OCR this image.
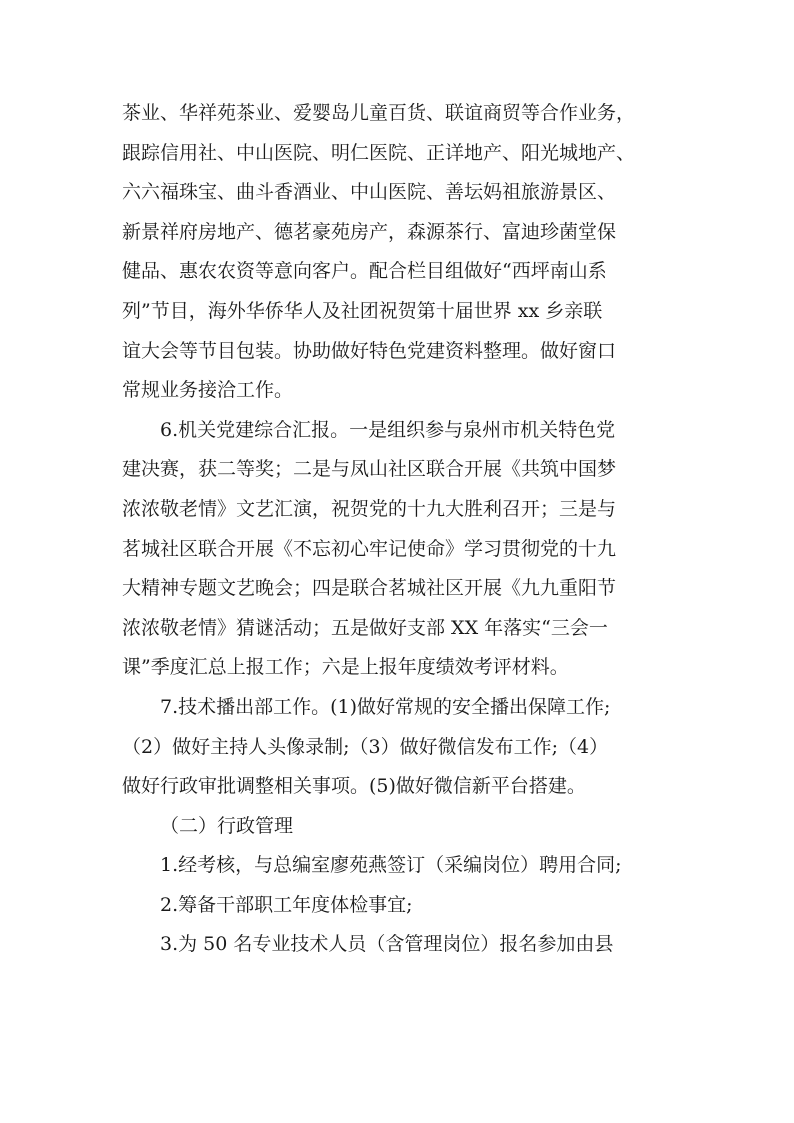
茶业、华祥苑茶业、爱婴岛儿童百货、联谊商贸等合作业务，
跟踪信用社、中山医院、明仁医院、正详地产、阳光城地产、
六六福珠宝、曲斗香酒业、中山医院、善坛妈祖旅游景区、
新景祥府房地产、德茗豪苑房产，森源茶行、富迪珍菌堂保
健品、惠农农资等意向客户。配合栏目组做好“西坪南山系
列”节目，海外华侨华人及社团祝贺第十届世界 xx 乡亲联
谊大会等节目包装。协助做好特色党建资料整理。做好窗口
常规业务接洽工作。
6.机关党建综合汇报。一是组织参与泉州市机关特色党
建决赛，获二等奖；二是与凤山社区联合开展《共筑中国梦
浓浓敬老情》文艺汇演，祝贺党的十九大胜利召开；三是与
茗城社区联合开展《不忘初心牢记使命》学习贯彻党的十九
大精神专题文艺晚会；四是联合茗城社区开展《九九重阳节
浓浓敬老情》猜谜活动；五是做好支部 XX 年落实“三会一
课”季度汇总上报工作；六是上报年度绩效考评材料。
7.技术播出部工作。(1)做好常规的安全播出保障工作;
（2）做好主持人头像录制;（3）做好微信发布工作;（4）
做好行政审批调整相关事项。(5)做好微信新平台搭建。
（二）行政管理
1.经考核，与总编室廖苑燕签订（采编岗位）聘用合同;
2.筹备干部职工年度体检事宜;
3.为 50 名专业技术人员（含管理岗位）报名参加由县
